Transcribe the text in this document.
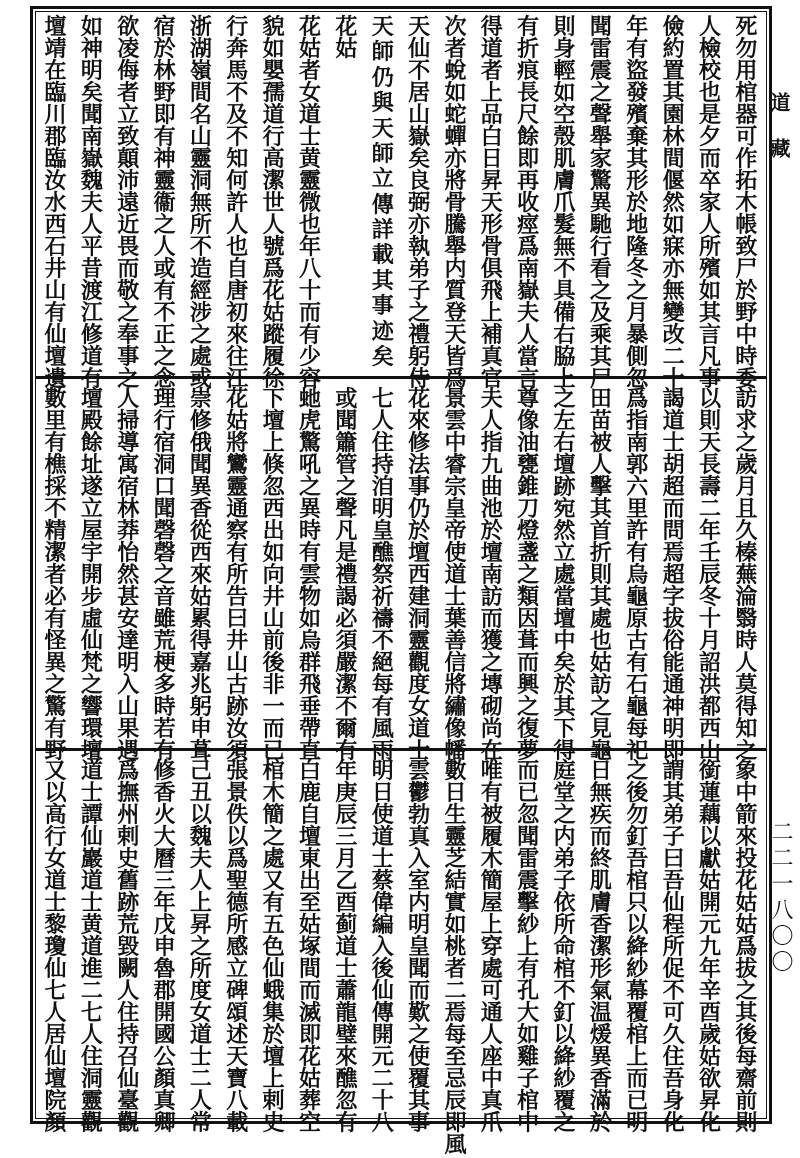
死
勿
用
棺
器
可
作
拓
木
帳
致
尸
於
野
中
時
委
人
檢
校
也
是
夕
而
卒
家
人
所
殯
如
其
言
凡
事
儉
約
置
其
園
林
間
偃
然
如
寐
亦
無
變
改
二
十
年
有
盜
發
殯
棄
其
形
於
地
隆
冬
之
月
暴
側
忽
聞
雷
震
之
聲
舉
家
驚
異
馳
行
看
之
及
乘
其
尸
則
身
輕
如
空
殼
肌
膚
爪
髮
無
不
具
備
右
脇
上
有
折
痕
長
尺
餘
即
再
收
痙
爲
南
嶽
夫
人
當
言
得
道
者
上
品
白
日
昇
天
形
骨
俱
飛
上
補
真
官
次
者
蛻
如
蛇
蟬
亦
將
骨
騰
舉
内
質
登
天
皆
爲
天
仙
不
居
山
嶽
矣
良
弼
亦
執
弟
子
之
禮
躬
侍
天
師
仍
與
天
師
立
傳
詳
載
其
事
迹
矣
花
姑
花
姑
者
女
道
士
黄
靈
微
也
年
八
十
而
有
少
容
貌
如
嬰
孺
道
行
高
潔
世
人
號
爲
花
姑
蹤
履
徐
行
奔
馬
不
及
不
知
何
許
人
也
自
唐
初
來
往
江
浙
湖
嶺
間
名
山
靈
洞
無
所
不
造
經
涉
之
處
或
宿
於
林
野
即
有
神
靈
衞
之
人
或
有
不
正
之
念
欲
凌
侮
者
立
致
顛
沛
遠
近
畏
而
敬
之
奉
事
之
如
神
明
矣
聞
南
嶽
魏
夫
人
平
昔
渡
江
修
道
有
壇
靖
在
臨
川
郡
臨
汝
水
西
石
井
山
有
仙
壇
遺
訪
求
之
歲
月
且
久
榛
蕪
淪
翳
時
人
莫
得
知
之
以
則
天
長
壽
二
年
壬
辰
冬
十
月
詔
洪
都
西
山
謁
道
士
胡
超
而
問
焉
超
字
拔
俗
能
通
神
明
即
爲
指
南
郭
六
里
許
有
烏
龜
原
古
有
石
龜
每
祀
田
苗
被
人
擊
其
首
折
則
其
處
也
姑
訪
之
見
龜
之
左
右
壇
跡
宛
然
立
處
當
壇
中
矣
於
其
下
得
尊
像
油
甕
錐
刀
燈
盞
之
類
因
葺
而
興
之
復
夢
夫
人
指
九
曲
池
於
壇
南
訪
而
獲
之
塼
砌
尚
在
景
雲
中
睿
宗
皇
帝
使
道
士
葉
善
信
將
繡
像
幡
花
來
修
法
事
仍
於
壇
西
建
洞
靈
觀
度
女
道
士
七
人
住
持
洎
明
皇
醮
祭
祈
禱
不
絕
每
有
風
雨
或
聞
簫
管
之
聲
凡
是
禮
謁
必
須
嚴
潔
不
爾
有
虵
虎
驚
吼
之
異
時
有
雲
物
如
烏
群
飛
垂
帶
直
下
壇
上
倏
忽
西
出
如
向
井
山
前
後
非
一
而
已
花
姑
將
鸞
靈
通
察
有
所
告
曰
井
山
古
跡
汝
須
崇
修
俄
聞
異
香
從
西
來
姑
累
得
嘉
兆
躬
申
葺
理
行
宿
洞
口
聞
磬
磬
之
音
雖
荒
梗
多
時
若
有
人
掃
導
寓
宿
林
莽
怡
然
甚
安
達
明
入
山
果
遇
壇
殿
餘
址
遂
立
屋
宇
開
步
虛
仙
梵
之
響
環
壇
數
里
有
樵
採
不
精
潔
者
必
有
怪
異
之
驚
有
野
象
中
箭
來
投
花
姑
姑
爲
拔
之
其
後
每
齋
前
則
銜
蓮
藕
以
獻
姑
開
元
九
年
辛
酉
歲
姑
欲
昇
化
謂
其
弟
子
曰
吾
仙
程
所
促
不
可
久
住
吾
身
化
之
後
勿
釘
吾
棺
只
以
絳
紗
幕
覆
棺
上
而
已
明
日
無
疾
而
終
肌
膚
香
潔
形
氣
温
煖
異
香
滿
於
庭
堂
之
内
弟
子
依
所
命
棺
不
釘
以
絳
紗
覆
之
而
已
忽
聞
雷
震
擊
紗
上
有
孔
大
如
雞
子
棺
中
唯
有
被
履
木
簡
屋
上
穿
處
可
通
人
座
中
真
爪
數
日
生
靈
芝
結
實
如
桃
者
二
焉
每
至
忌
辰
即
風
雲
鬱
勃
真
入
室
内
明
皇
聞
而
歎
之
使
覆
其
事
明
日
使
道
士
蔡
偉
編
入
後
仙
傳
開
元
二
十
八
年
庚
辰
三
月
乙
酉
蓟
道
士
蕭
龍
璧
來
醮
忽
有
白
鹿
自
壇
東
出
至
姑
塚
間
而
滅
即
花
姑
葬
空
棺
木
簡
之
處
又
有
五
色
仙
蛾
集
於
壇
上
剌
史
張
景
佚
以
爲
聖
德
所
感
立
碑
頌
述
天
寶
八
載
己
丑
以
魏
夫
人
上
昇
之
所
度
女
道
士
二
人
常
修
香
火
大
曆
三
年
戊
申
魯
郡
開
國
公
顏
真
卿
爲
撫
州
剌
史
舊
跡
荒
毀
闕
人
住
持
召
仙
臺
觀
道
士
譚
仙
巖
道
士
黄
道
進
二
七
人
住
洞
靈
觀
又
以
高
行
女
道
士
黎
瓊
仙
七
人
居
仙
壇
院
顏
道藏
二二一八〇〇
